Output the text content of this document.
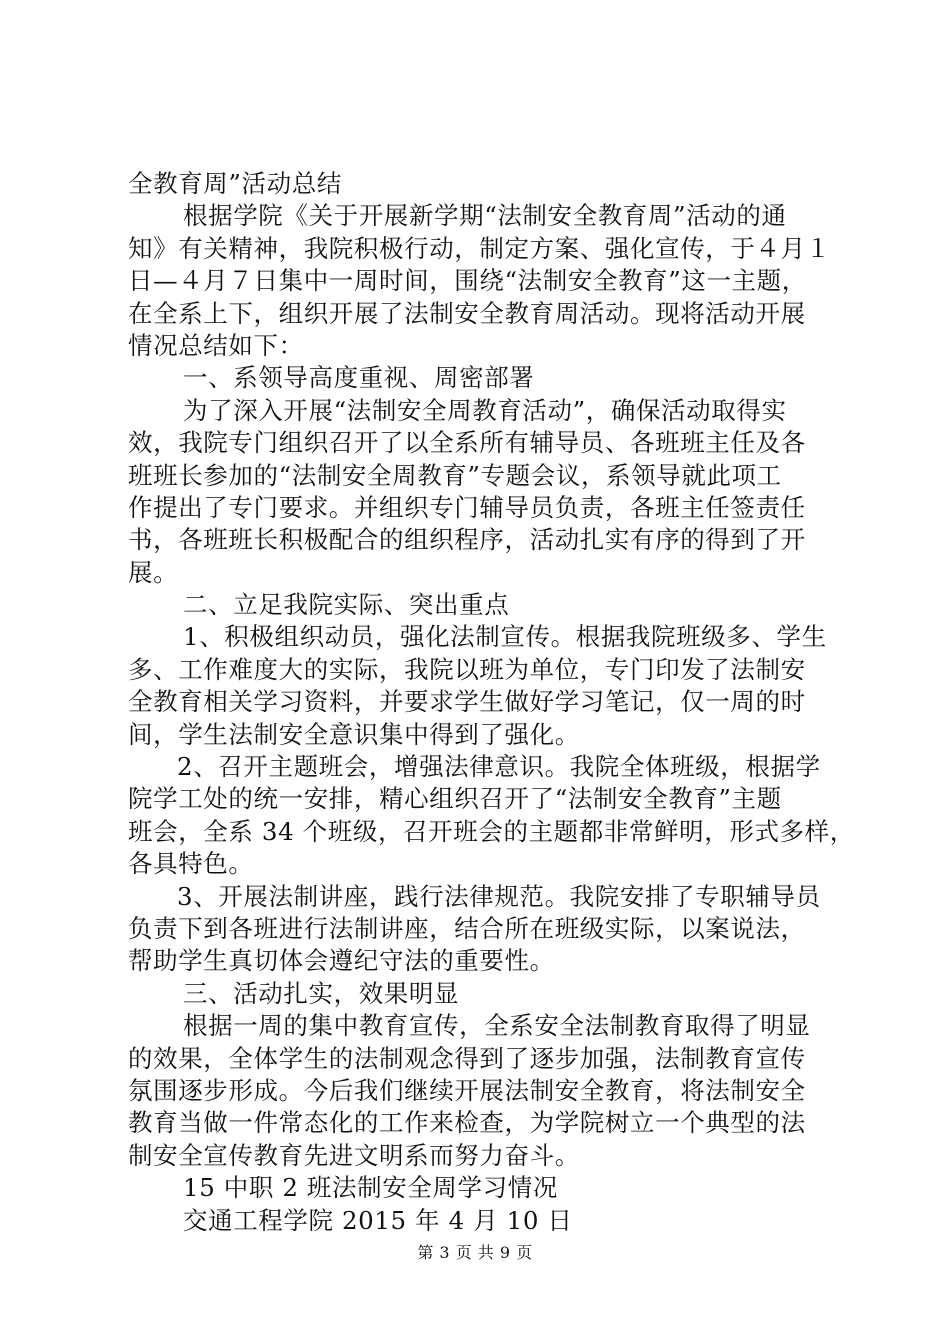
全教育周”活动总结
根据学院《关于开展新学期“法制安全教育周”活动的通
知》有关精神，我院积极行动，制定方案、强化宣传，于４月１
日—４月７日集中一周时间，围绕“法制安全教育”这一主题，
在全系上下，组织开展了法制安全教育周活动。现将活动开展
情况总结如下：
一、系领导高度重视、周密部署
为了深入开展“法制安全周教育活动”，确保活动取得实
效，我院专门组织召开了以全系所有辅导员、各班班主任及各
班班长参加的“法制安全周教育”专题会议，系领导就此项工
作提出了专门要求。并组织专门辅导员负责，各班主任签责任
书，各班班长积极配合的组织程序，活动扎实有序的得到了开
展。
二、立足我院实际、突出重点
1、积极组织动员，强化法制宣传。根据我院班级多、学生
多、工作难度大的实际，我院以班为单位，专门印发了法制安
全教育相关学习资料，并要求学生做好学习笔记，仅一周的时
间，学生法制安全意识集中得到了强化。
2、召开主题班会，增强法律意识。我院全体班级，根据学
院学工处的统一安排，精心组织召开了“法制安全教育”主题
班会，全系 34 个班级，召开班会的主题都非常鲜明，形式多样，
各具特色。
3、开展法制讲座，践行法律规范。我院安排了专职辅导员
负责下到各班进行法制讲座，结合所在班级实际，以案说法，
帮助学生真切体会遵纪守法的重要性。
三、活动扎实，效果明显
根据一周的集中教育宣传，全系安全法制教育取得了明显
的效果，全体学生的法制观念得到了逐步加强，法制教育宣传
氛围逐步形成。今后我们继续开展法制安全教育，将法制安全
教育当做一件常态化的工作来检查，为学院树立一个典型的法
制安全宣传教育先进文明系而努力奋斗。
15 中职 2 班法制安全周学习情况
交通工程学院 2015 年 4 月 10 日
第 3 页 共 9 页
